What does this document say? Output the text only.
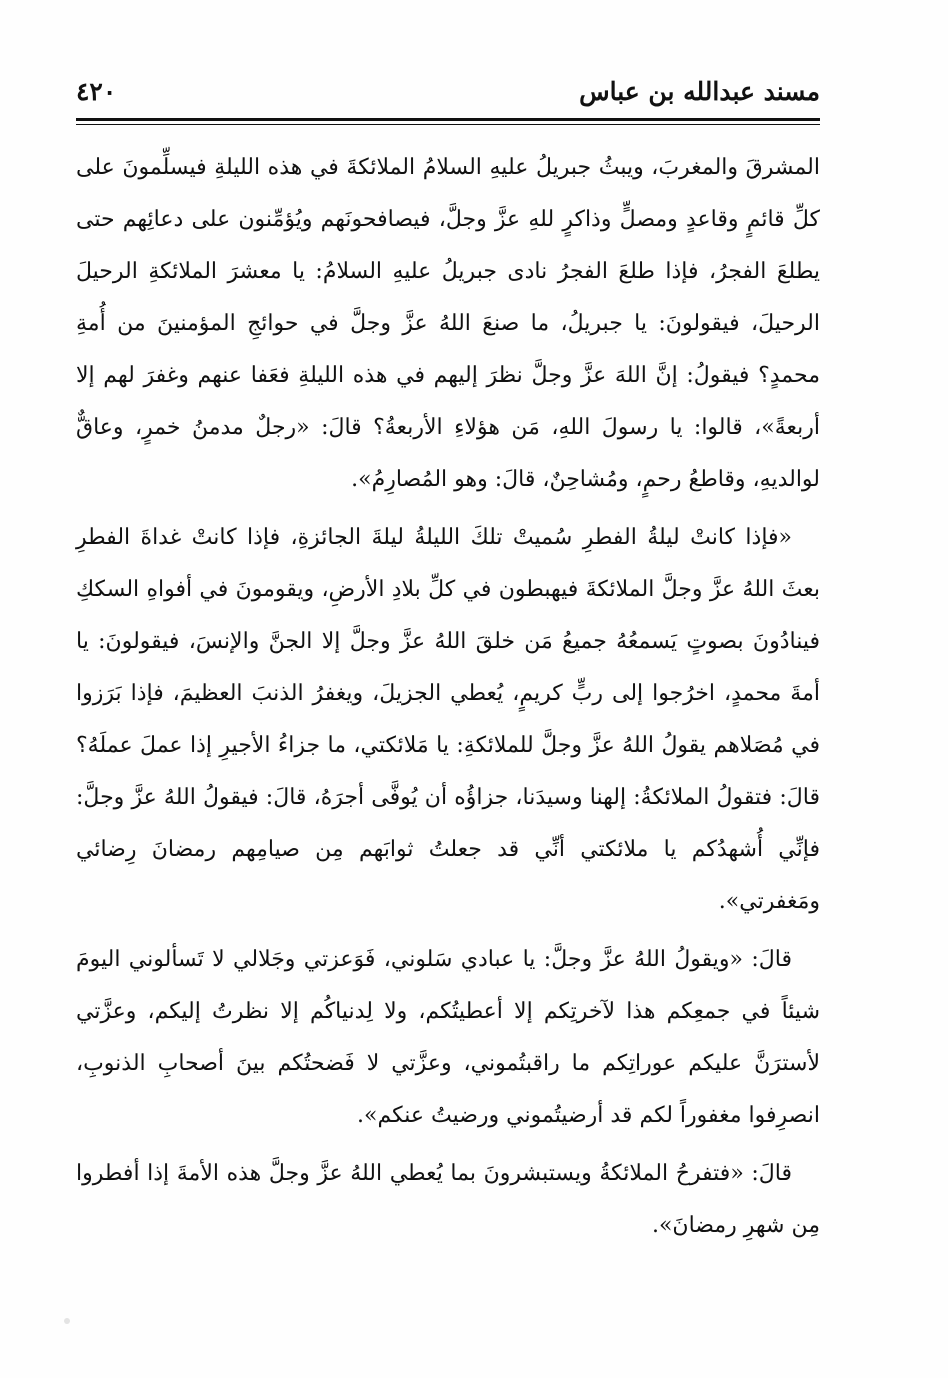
مسند عبدالله بن عباس
٤٢٠

المشرقَ والمغربَ، ويبثُ جبريلُ عليهِ السلامُ الملائكةَ في هذه الليلةِ فيسلِّمونَ على كلِّ قائمٍ وقاعدٍ ومصلٍّ وذاكرٍ للهِ عزَّ وجلَّ، فيصافحونَهم ويُؤمِّنون على دعائِهم حتى يطلعَ الفجرُ، فإذا طلعَ الفجرُ نادى جبريلُ عليهِ السلامُ: يا معشرَ الملائكةِ الرحيلَ الرحيلَ، فيقولونَ: يا جبريلُ، ما صنعَ اللهُ عزَّ وجلَّ في حوائجِ المؤمنينَ من أُمةِ محمدٍ؟ فيقولُ: إنَّ اللهَ عزَّ وجلَّ نظرَ إليهم في هذه الليلةِ فعَفا عنهم وغفرَ لهم إلا أربعةً»، قالوا: يا رسولَ اللهِ، مَن هؤلاءِ الأربعةُ؟ قالَ: «رجلٌ مدمنُ خمرٍ، وعاقٌّ لوالديهِ، وقاطعُ رحمٍ، ومُشاحِنٌ، قالَ: وهو المُصارِمُ».

«فإذا كانتْ ليلةُ الفطرِ سُميتْ تلكَ الليلةُ ليلةَ الجائزةِ، فإذا كانتْ غداةَ الفطرِ بعثَ اللهُ عزَّ وجلَّ الملائكةَ فيهبطون في كلِّ بلادِ الأرضِ، ويقومونَ في أفواهِ السككِ فينادُونَ بصوتٍ يَسمعُهُ جميعُ مَن خلقَ اللهُ عزَّ وجلَّ إلا الجنَّ والإنسَ، فيقولونَ: يا أمةَ محمدٍ، اخرُجوا إلى ربٍّ كريمٍ، يُعطي الجزيلَ، ويغفرُ الذنبَ العظيمَ، فإذا بَرَزوا في مُصَلاهم يقولُ اللهُ عزَّ وجلَّ للملائكةِ: يا مَلائكتي، ما جزاءُ الأجيرِ إذا عملَ عملَهُ؟ قالَ: فتقولُ الملائكةُ: إلهنا وسيدَنا، جزاؤُه أن يُوفَّى أجرَهُ، قالَ: فيقولُ اللهُ عزَّ وجلَّ: فإنِّي أُشهدُكم يا ملائكتي أنِّي قد جعلتُ ثوابَهم مِن صيامِهم رمضانَ رِضائي ومَغفرتي».

قالَ: «ويقولُ اللهُ عزَّ وجلَّ: يا عبادي سَلوني، فَوَعزتي وجَلالي لا تَسألوني اليومَ شيئاً في جمعِكم هذا لآخرتِكم إلا أعطيتُكم، ولا لِدنياكُم إلا نظرتُ إليكم، وعزَّتي لأسترَنَّ عليكم عوراتِكم ما راقبتُموني، وعزَّتي لا فَضحتُكم بينَ أصحابِ الذنوبِ، انصرِفوا مغفوراً لكم قد أرضيتُموني ورضيتُ عنكم».

قالَ: «فتفرحُ الملائكةُ ويستبشرونَ بما يُعطي اللهُ عزَّ وجلَّ هذه الأمةَ إذا أفطروا مِن شهرِ رمضانَ».
